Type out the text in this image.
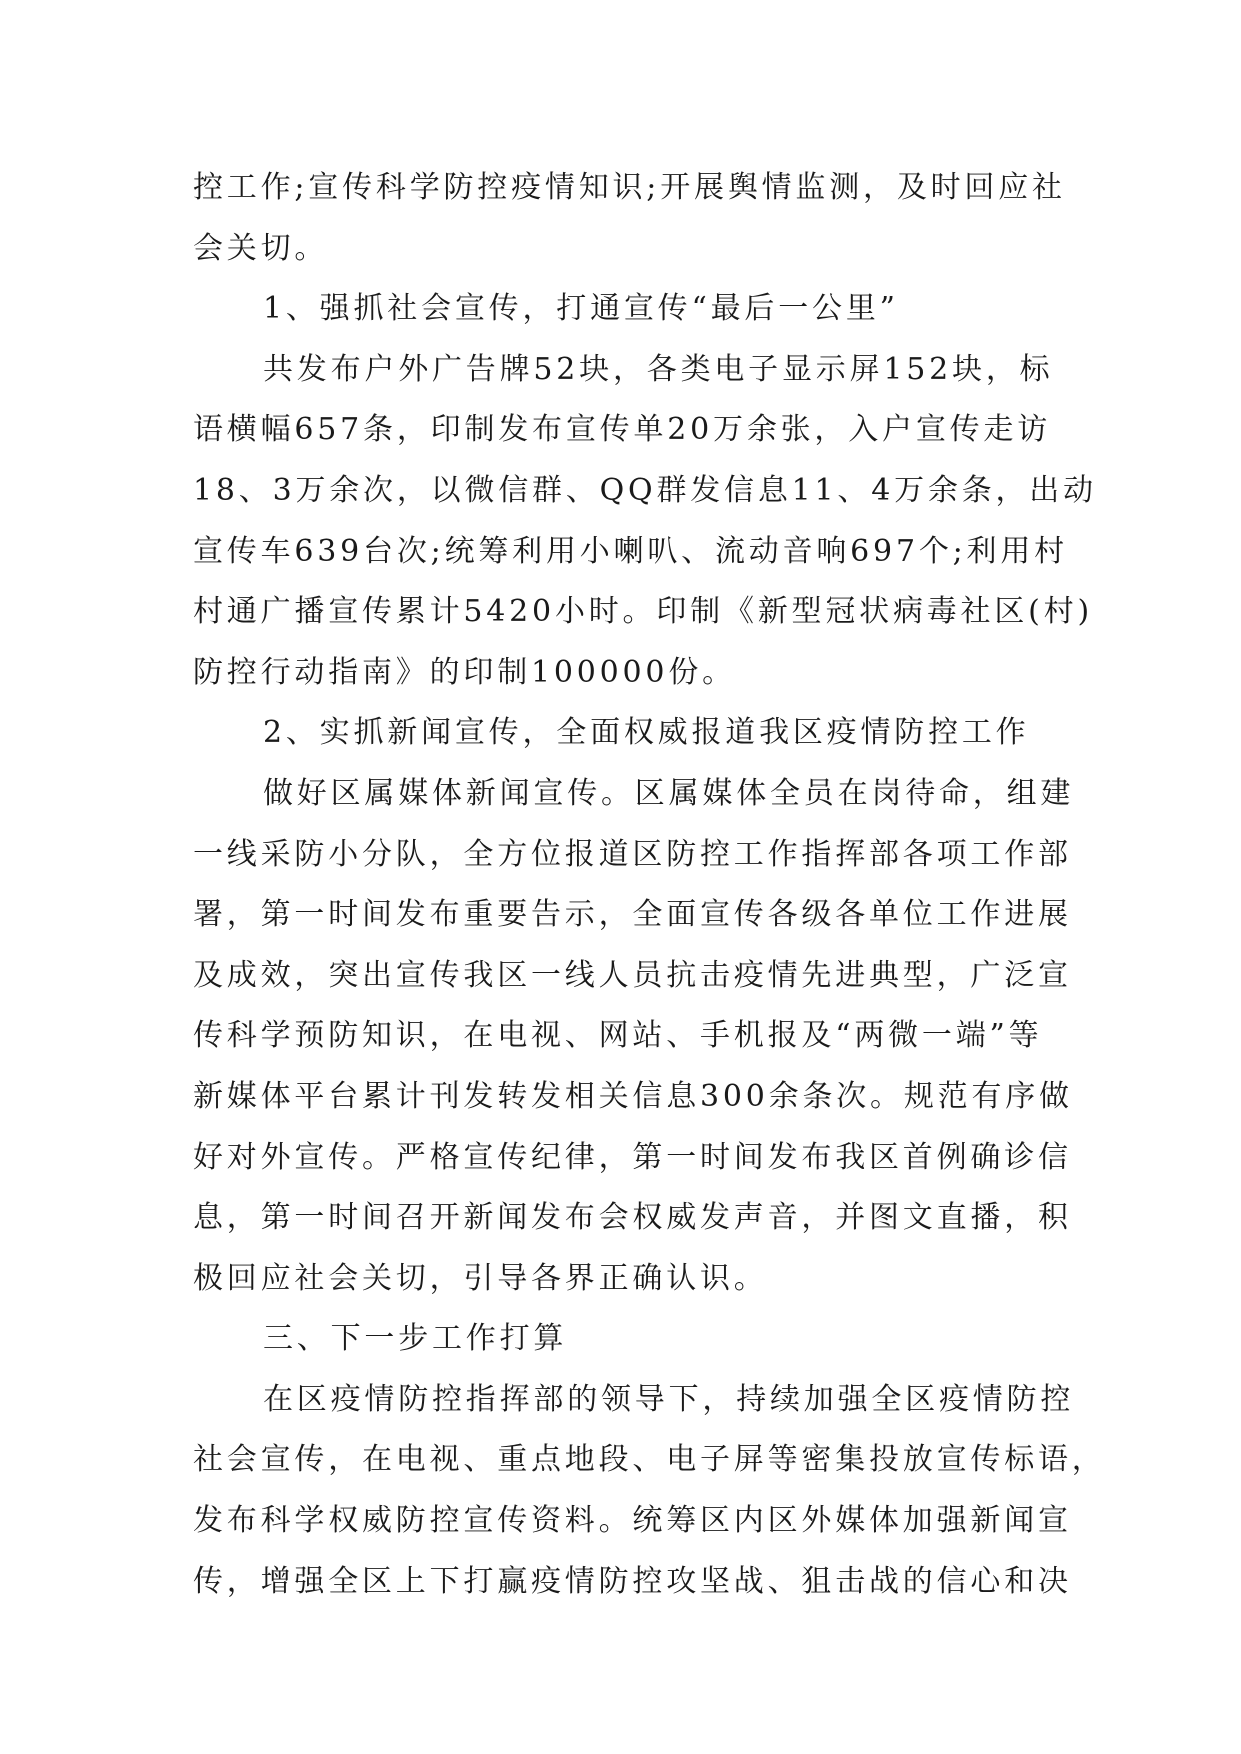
控工作;宣传科学防控疫情知识;开展舆情监测，及时回应社
会关切。
1、强抓社会宣传，打通宣传“最后一公里”
共发布户外广告牌52块，各类电子显示屏152块，标
语横幅657条，印制发布宣传单20万余张，入户宣传走访
18、3万余次，以微信群、QQ群发信息11、4万余条，出动
宣传车639台次;统筹利用小喇叭、流动音响697个;利用村
村通广播宣传累计5420小时。印制《新型冠状病毒社区(村)
防控行动指南》的印制100000份。
2、实抓新闻宣传，全面权威报道我区疫情防控工作
做好区属媒体新闻宣传。区属媒体全员在岗待命，组建
一线采防小分队，全方位报道区防控工作指挥部各项工作部
署，第一时间发布重要告示，全面宣传各级各单位工作进展
及成效，突出宣传我区一线人员抗击疫情先进典型，广泛宣
传科学预防知识，在电视、网站、手机报及“两微一端”等
新媒体平台累计刊发转发相关信息300余条次。规范有序做
好对外宣传。严格宣传纪律，第一时间发布我区首例确诊信
息，第一时间召开新闻发布会权威发声音，并图文直播，积
极回应社会关切，引导各界正确认识。
三、下一步工作打算
在区疫情防控指挥部的领导下，持续加强全区疫情防控
社会宣传，在电视、重点地段、电子屏等密集投放宣传标语，
发布科学权威防控宣传资料。统筹区内区外媒体加强新闻宣
传，增强全区上下打赢疫情防控攻坚战、狙击战的信心和决
